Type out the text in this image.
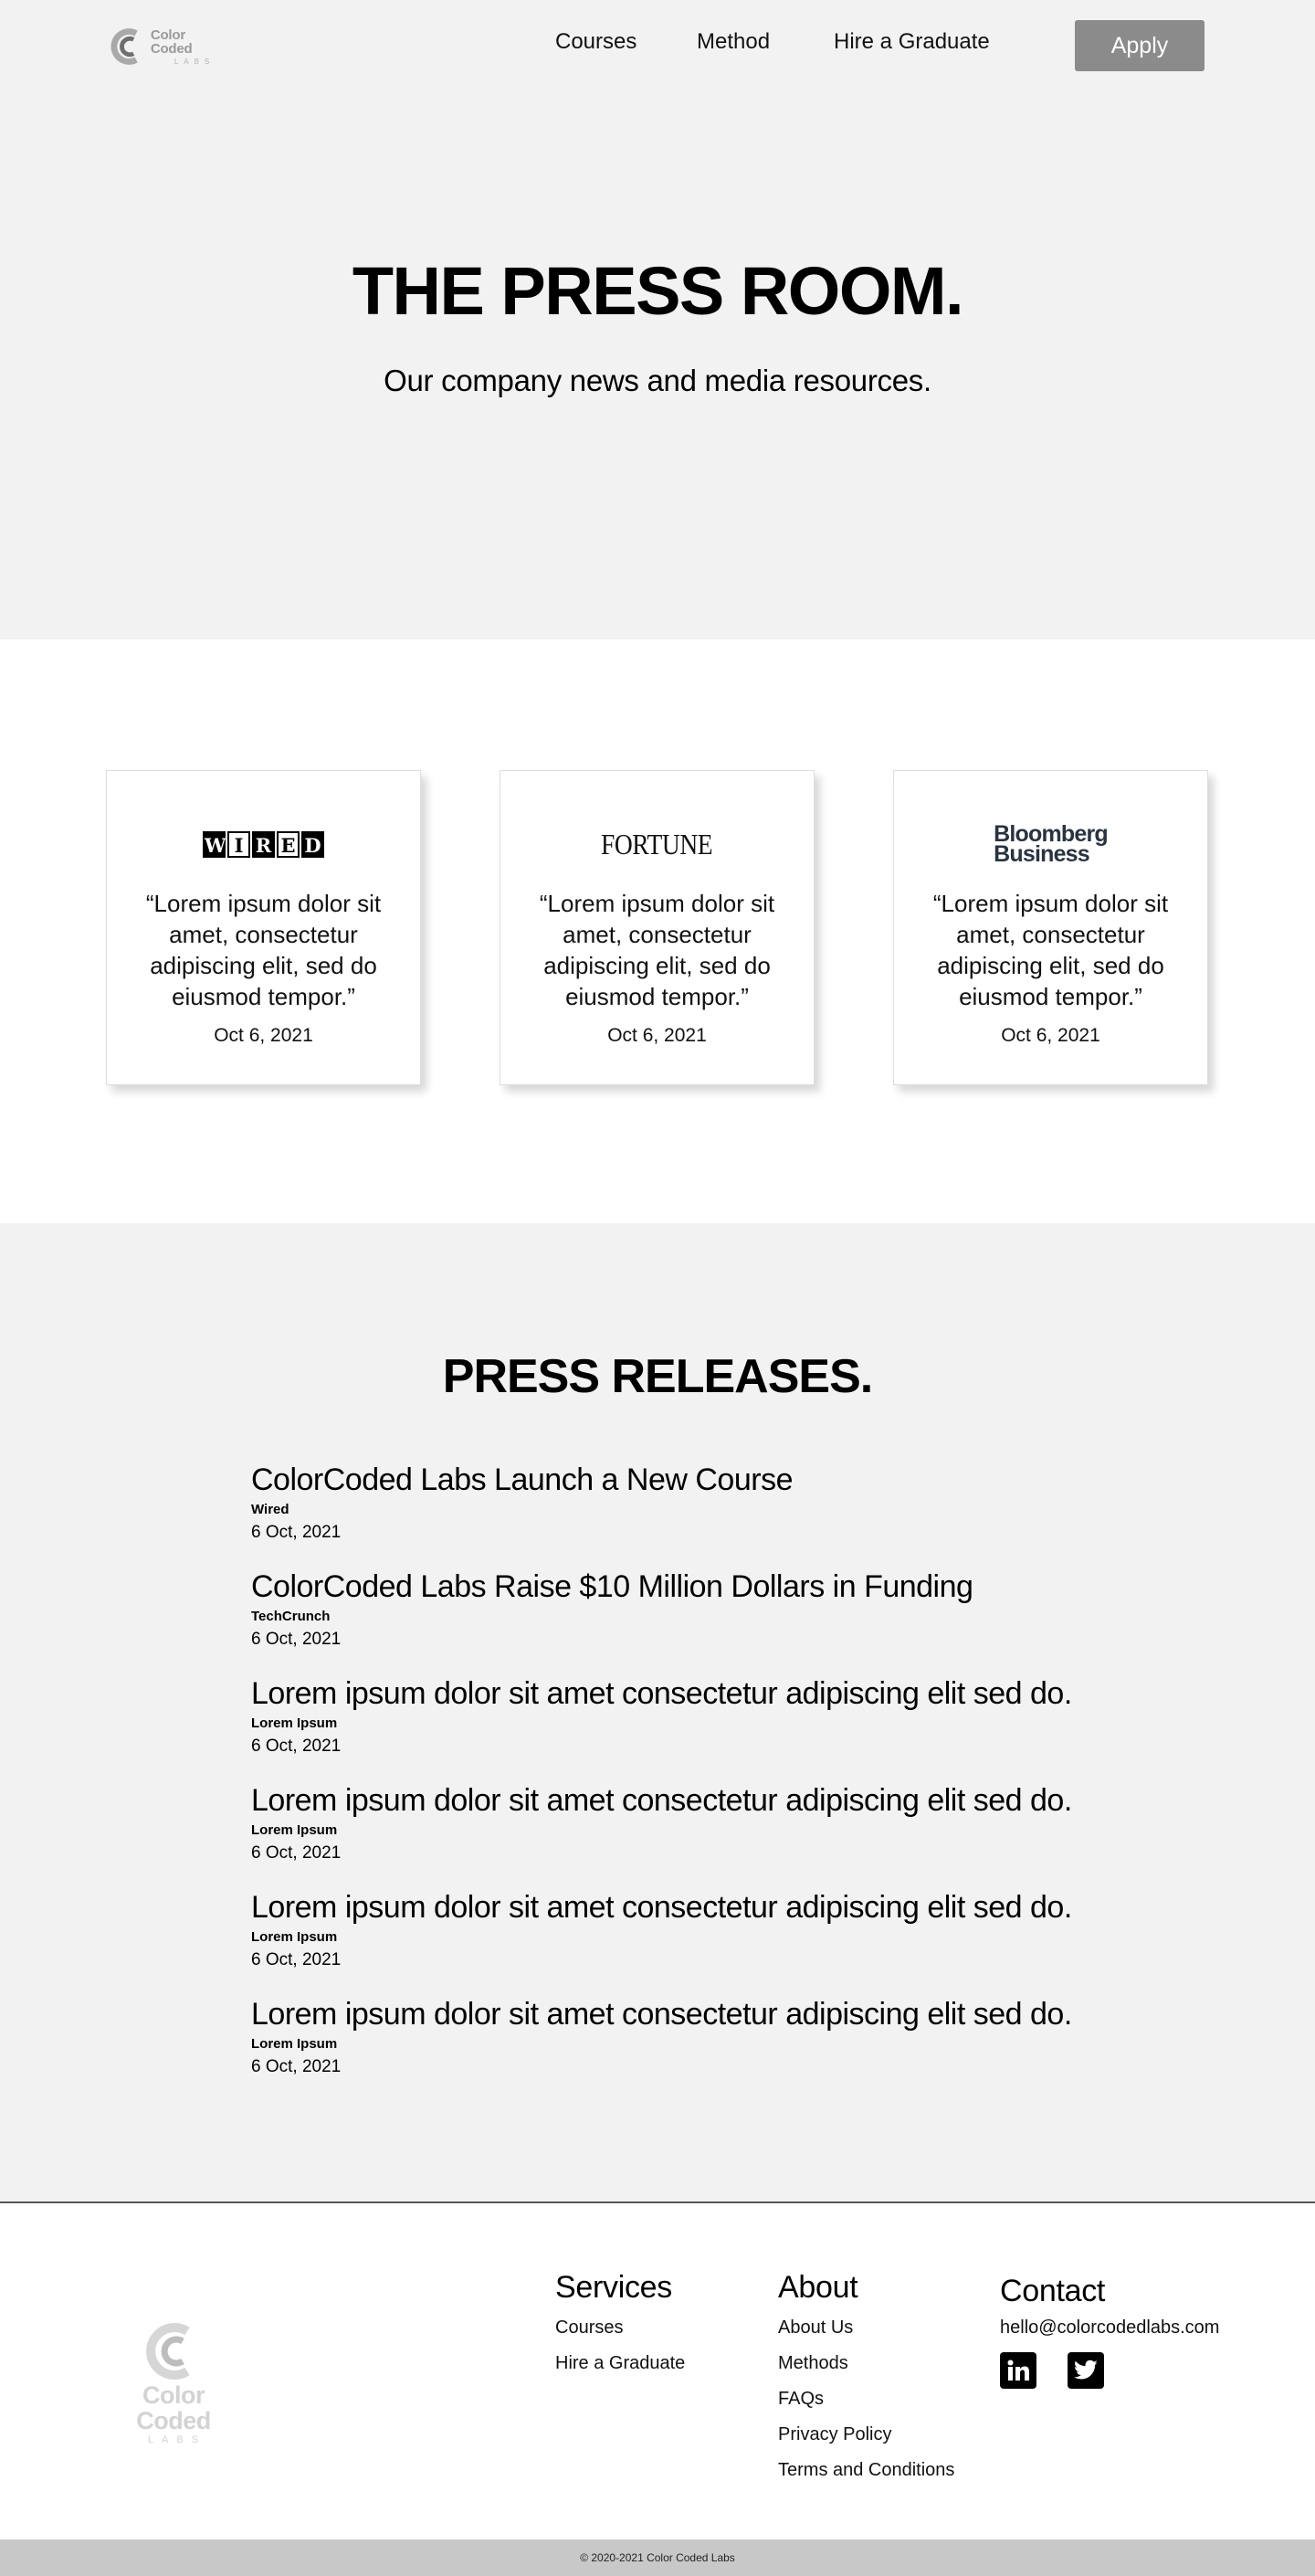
Color Coded
LABS
Courses	Method	Hire a Graduate	Apply
THE PRESS ROOM.

Our company news and media resources.

W I R E D

“Lorem ipsum dolor sit amet, consectetur adipiscing elit, sed do eiusmod tempor.”

Oct 6, 2021

FORTUNE

“Lorem ipsum dolor sit amet, consectetur adipiscing elit, sed do eiusmod tempor.”

Oct 6, 2021

Bloomberg
Business

“Lorem ipsum dolor sit amet, consectetur adipiscing elit, sed do eiusmod tempor.”

Oct 6, 2021

PRESS RELEASES.
ColorCoded Labs Launch a New Course
Wired
6 Oct, 2021
ColorCoded Labs Raise $10 Million Dollars in Funding
TechCrunch
6 Oct, 2021
Lorem ipsum dolor sit amet consectetur adipiscing elit sed do.
Lorem Ipsum
6 Oct, 2021
Lorem ipsum dolor sit amet consectetur adipiscing elit sed do.
Lorem Ipsum
6 Oct, 2021
Lorem ipsum dolor sit amet consectetur adipiscing elit sed do.
Lorem Ipsum
6 Oct, 2021
Lorem ipsum dolor sit amet consectetur adipiscing elit sed do.
Lorem Ipsum
6 Oct, 2021
Color Coded
LABS
Services
Courses
Hire a Graduate
About
About Us
Methods
FAQs
Privacy Policy
Terms and Conditions
Contact
hello@colorcodedlabs.com
© 2020-2021 Color Coded Labs
